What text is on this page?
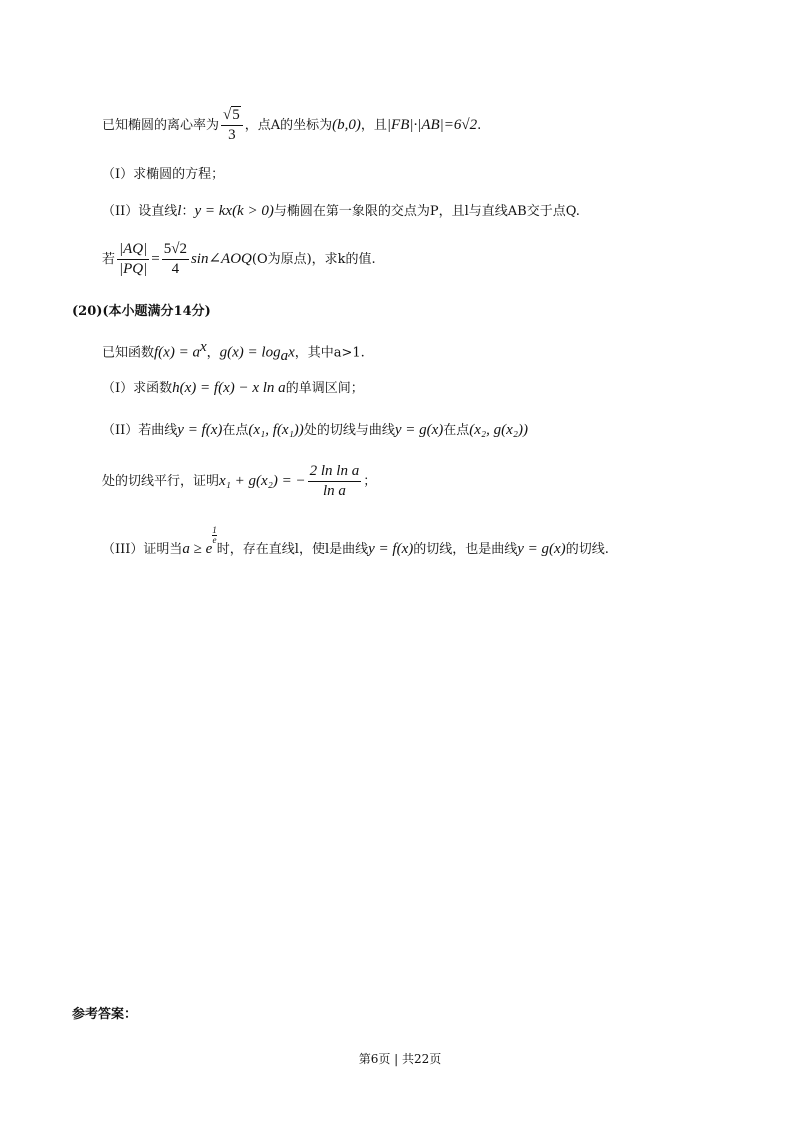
已知椭圆的离心率为 $\frac{√5}{3}$ ，点A的坐标为(b,0)，且|FB|·|AB|=6√2.
（I）求椭圆的方程；
（II）设直线l：y = kx(k > 0)与椭圆在第一象限的交点为P，且l与直线AB交于点Q.
若 $\frac{|AQ|}{|PQ|} = \frac{5√2}{4}$ sin∠AOQ(O为原点)，求k的值.
(20)(本小题满分14分)
已知函数$f(x) = a^x$，$g(x) = \log_ax$，其中a>1.
（I）求函数h(x) = f(x) − x ln a的单调区间；
（II）若曲线y = f(x)在点(x₁, f(x₁))处的切线与曲线y = g(x)在点(x₂, g(x₂))
处的切线平行，证明x₁ + g(x₂) = − $\frac{\text{2 ln ln a}}{\text{ln a}}$ ；
（III）证明当a ≥ e
$\frac{1}{e}$
时，存在直线l，使l是曲线y = f(x)的切线，也是曲线y = g(x)的切线.
参考答案：
第6页 | 共22页
